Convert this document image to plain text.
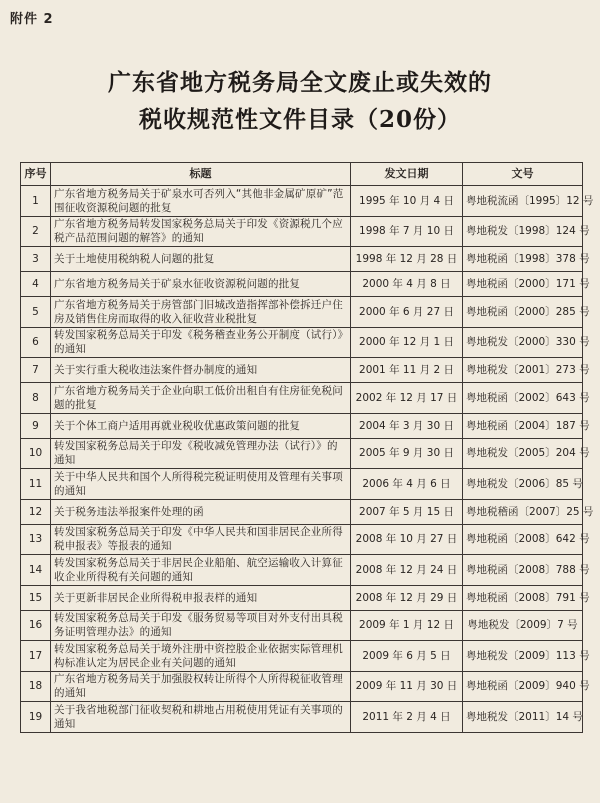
附件 2
广东省地方税务局全文废止或失效的
税收规范性文件目录（20份）
序号	标题	发文日期	文号
1	广东省地方税务局关于矿泉水可否列入“其他非金属矿原矿”范围征收资源税问题的批复	1995 年 10 月 4 日	粤地税流函〔1995〕12 号
2	广东省地方税务局转发国家税务总局关于印发《资源税几个应税产品范围问题的解答》的通知	1998 年 7 月 10 日	粤地税发〔1998〕124 号
3	关于土地使用税纳税人问题的批复	1998 年 12 月 28 日	粤地税函〔1998〕378 号
4	广东省地方税务局关于矿泉水征收资源税问题的批复	2000 年 4 月 8 日	粤地税函〔2000〕171 号
5	广东省地方税务局关于房管部门旧城改造指挥部补偿拆迁户住房及销售住房而取得的收入征收营业税批复	2000 年 6 月 27 日	粤地税函〔2000〕285 号
6	转发国家税务总局关于印发《税务稽查业务公开制度（试行）》的通知	2000 年 12 月 1 日	粤地税发〔2000〕330 号
7	关于实行重大税收违法案件督办制度的通知	2001 年 11 月 2 日	粤地税发〔2001〕273 号
8	广东省地方税务局关于企业向职工低价出租自有住房征免税问题的批复	2002 年 12 月 17 日	粤地税函〔2002〕643 号
9	关于个体工商户适用再就业税收优惠政策问题的批复	2004 年 3 月 30 日	粤地税函〔2004〕187 号
10	转发国家税务总局关于印发《税收减免管理办法（试行）》的通知	2005 年 9 月 30 日	粤地税发〔2005〕204 号
11	关于中华人民共和国个人所得税完税证明使用及管理有关事项的通知	2006 年 4 月 6 日	粤地税发〔2006〕85 号
12	关于税务违法举报案件处理的函	2007 年 5 月 15 日	粤地税稽函〔2007〕25 号
13	转发国家税务总局关于印发《中华人民共和国非居民企业所得税申报表》等报表的通知	2008 年 10 月 27 日	粤地税函〔2008〕642 号
14	转发国家税务总局关于非居民企业船舶、航空运输收入计算征收企业所得税有关问题的通知	2008 年 12 月 24 日	粤地税函〔2008〕788 号
15	关于更新非居民企业所得税申报表样的通知	2008 年 12 月 29 日	粤地税函〔2008〕791 号
16	转发国家税务总局关于印发《服务贸易等项目对外支付出具税务证明管理办法》的通知	2009 年 1 月 12 日	粤地税发〔2009〕7 号
17	转发国家税务总局关于境外注册中资控股企业依据实际管理机构标准认定为居民企业有关问题的通知	2009 年 6 月 5 日	粤地税发〔2009〕113 号
18	广东省地方税务局关于加强股权转让所得个人所得税征收管理的通知	2009 年 11 月 30 日	粤地税函〔2009〕940 号
19	关于我省地税部门征收契税和耕地占用税使用凭证有关事项的通知	2011 年 2 月 4 日	粤地税发〔2011〕14 号
